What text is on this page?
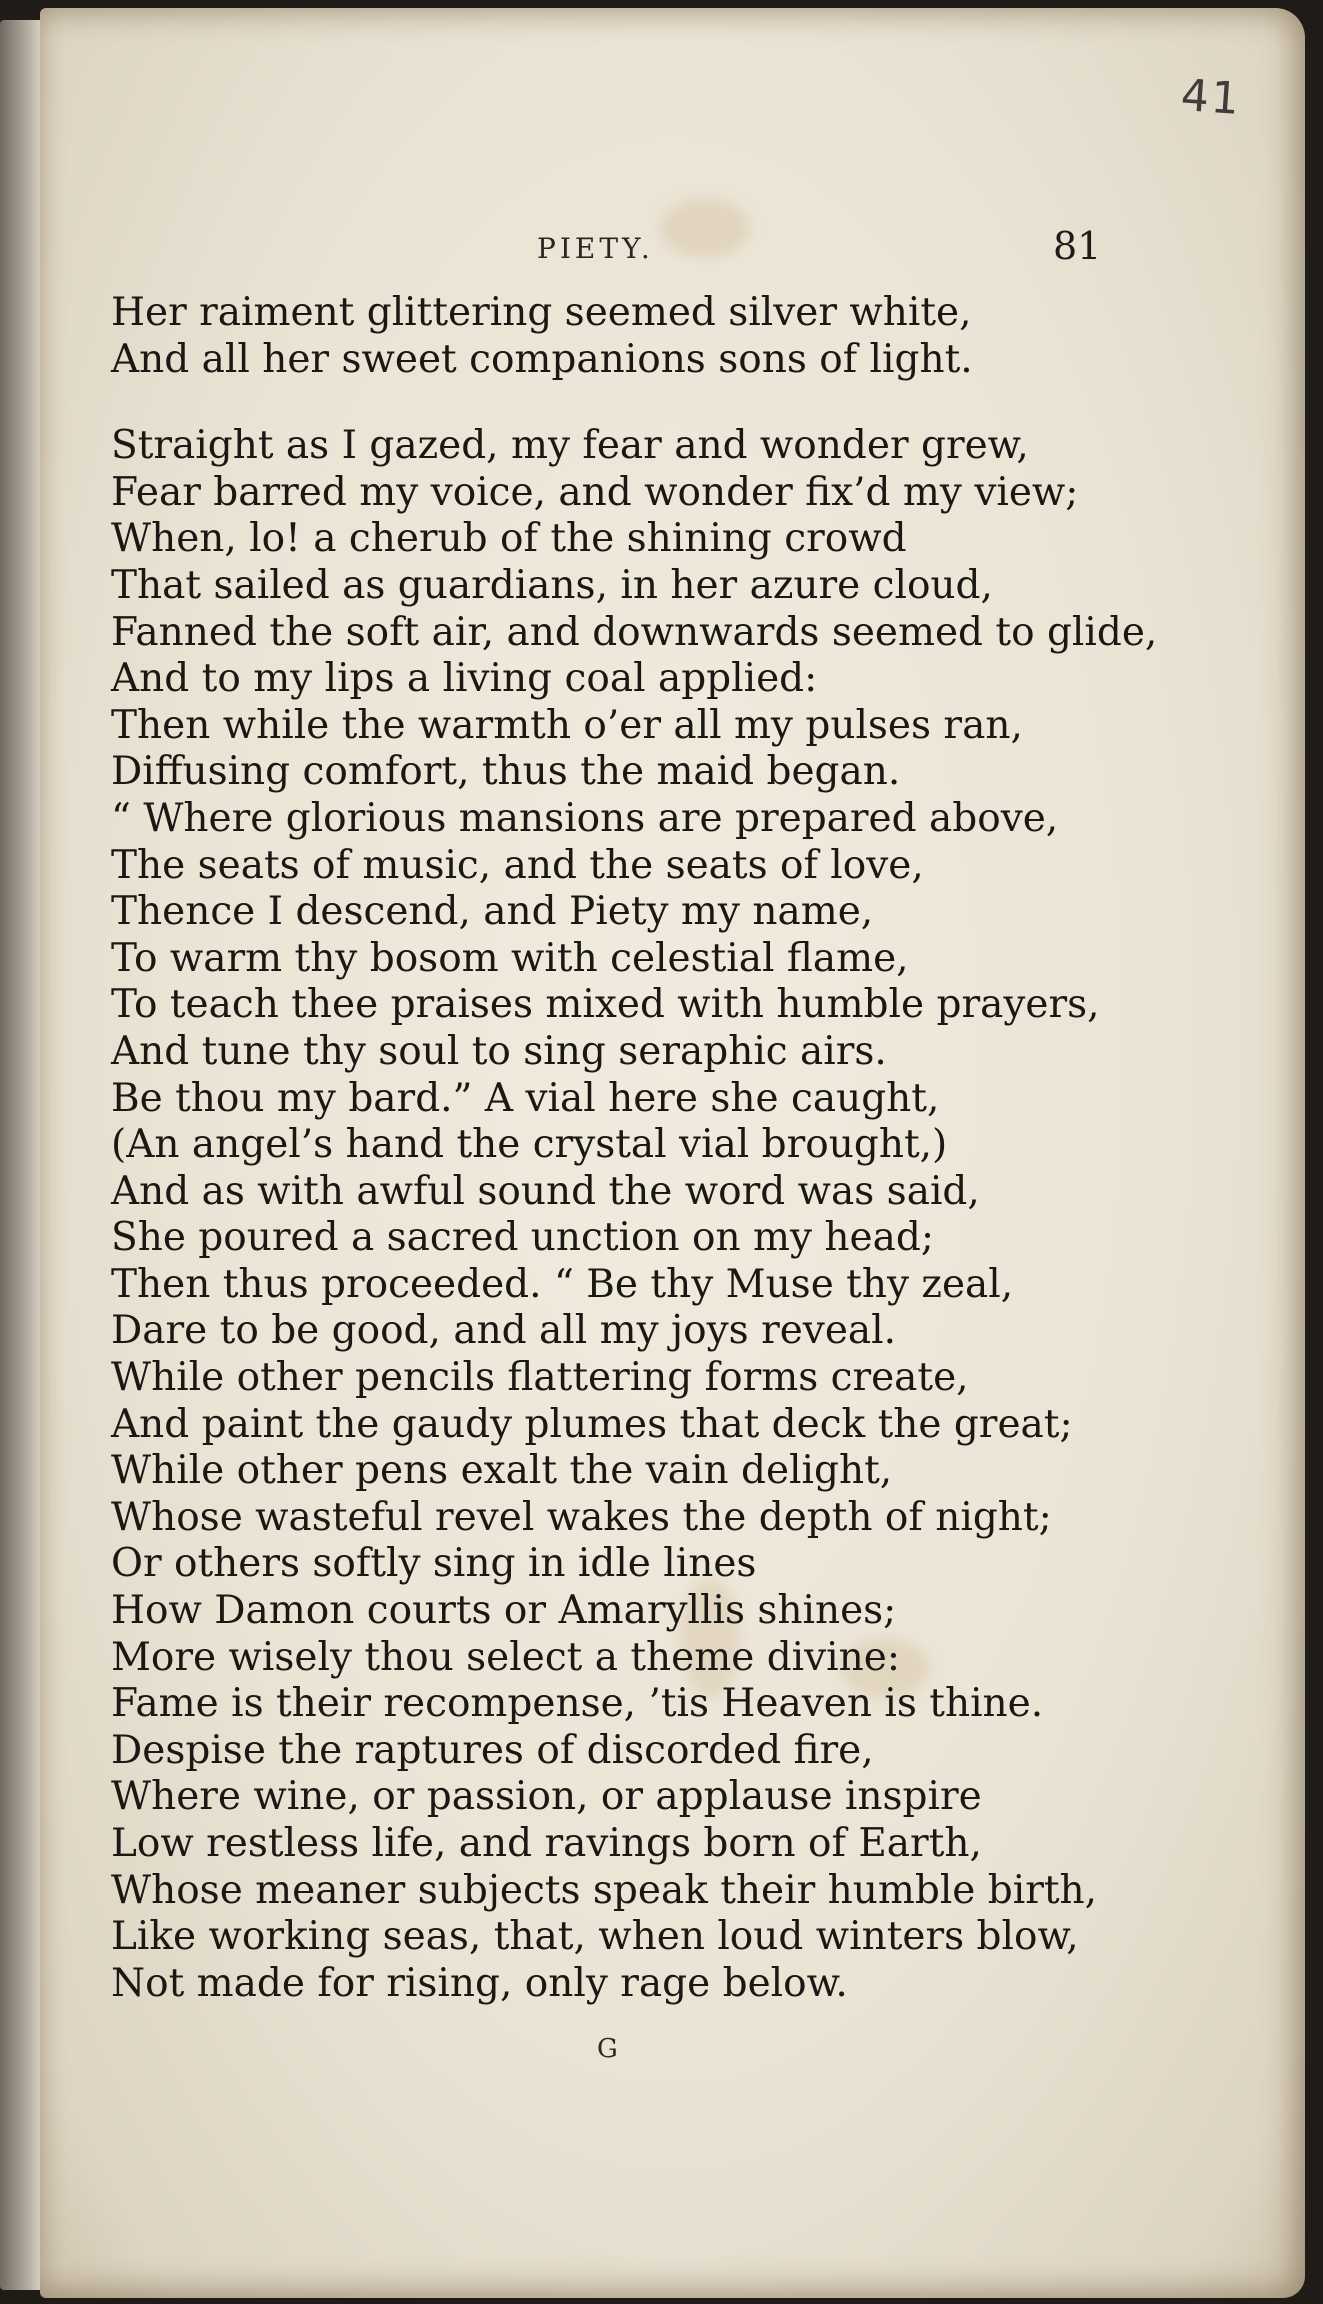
41
PIETY.	81
Her raiment glittering seemed silver white,
And all her sweet companions sons of light.
Straight as I gazed, my fear and wonder grew,
Fear barred my voice, and wonder fix’d my view;
When, lo! a cherub of the shining crowd
That sailed as guardians, in her azure cloud,
Fanned the soft air, and downwards seemed to glide,
And to my lips a living coal applied:
Then while the warmth o’er all my pulses ran,
Diffusing comfort, thus the maid began.
“ Where glorious mansions are prepared above,
The seats of music, and the seats of love,
Thence I descend, and Piety my name,
To warm thy bosom with celestial flame,
To teach thee praises mixed with humble prayers,
And tune thy soul to sing seraphic airs.
Be thou my bard.” A vial here she caught,
(An angel’s hand the crystal vial brought,)
And as with awful sound the word was said,
She poured a sacred unction on my head;
Then thus proceeded. “ Be thy Muse thy zeal,
Dare to be good, and all my joys reveal.
While other pencils flattering forms create,
And paint the gaudy plumes that deck the great;
While other pens exalt the vain delight,
Whose wasteful revel wakes the depth of night;
Or others softly sing in idle lines
How Damon courts or Amaryllis shines;
More wisely thou select a theme divine:
Fame is their recompense, ’tis Heaven is thine.
Despise the raptures of discorded fire,
Where wine, or passion, or applause inspire
Low restless life, and ravings born of Earth,
Whose meaner subjects speak their humble birth,
Like working seas, that, when loud winters blow,
Not made for rising, only rage below.
G
